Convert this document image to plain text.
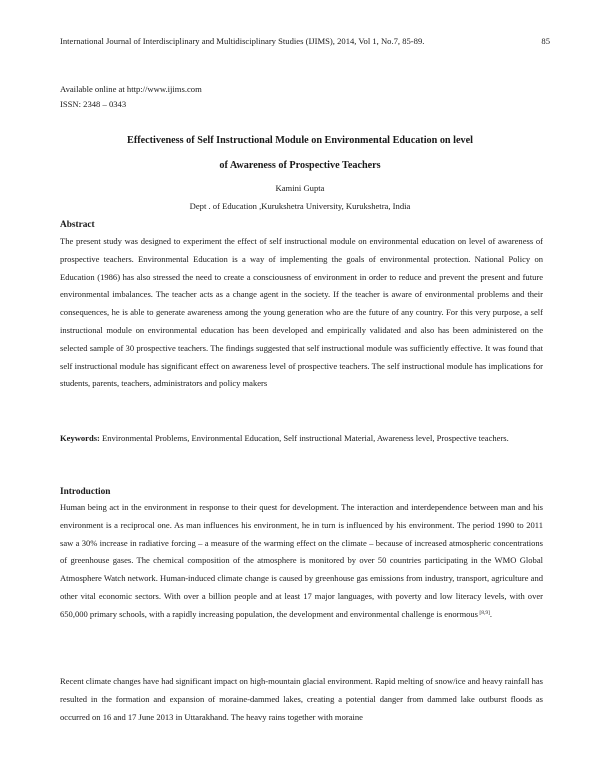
International Journal of Interdisciplinary and Multidisciplinary Studies (IJIMS), 2014, Vol 1, No.7, 85-89.	85
Available online at http://www.ijims.com
ISSN: 2348 – 0343
Effectiveness of Self Instructional Module on Environmental Education on level
of Awareness of Prospective Teachers
Kamini Gupta
Dept . of Education ,Kurukshetra University, Kurukshetra, India
Abstract
The present study was designed to experiment the effect of self instructional module on environmental education on level of awareness of prospective teachers. Environmental Education is a way of implementing the goals of environmental protection. National Policy on Education (1986) has also stressed the need to create a consciousness of environment in order to reduce and prevent the present and future environmental imbalances. The teacher acts as a change agent in the society. If the teacher is aware of environmental problems and their consequences, he is able to generate awareness among the young generation who are the future of any country. For this very purpose, a self instructional module on environmental education has been developed and empirically validated and also has been administered on the selected sample of 30 prospective teachers. The findings suggested that self instructional module was sufficiently effective. It was found that self instructional module has significant effect on awareness level of prospective teachers. The self instructional module has implications for students, parents, teachers, administrators and policy makers
Keywords: Environmental Problems, Environmental Education, Self instructional Material, Awareness level, Prospective teachers.
Introduction
Human being act in the environment in response to their quest for development. The interaction and interdependence between man and his environment is a reciprocal one. As man influences his environment, he in turn is influenced by his environment. The period 1990 to 2011 saw a 30% increase in radiative forcing – a measure of the warming effect on the climate – because of increased atmospheric concentrations of greenhouse gases. The chemical composition of the atmosphere is monitored by over 50 countries participating in the WMO Global Atmosphere Watch network. Human-induced climate change is caused by greenhouse gas emissions from industry, transport, agriculture and other vital economic sectors. With over a billion people and at least 17 major languages, with poverty and low literacy levels, with over 650,000 primary schools, with a rapidly increasing population, the development and environmental challenge is enormous [8,9].
Recent climate changes have had significant impact on high-mountain glacial environment. Rapid melting of snow/ice and heavy rainfall has resulted in the formation and expansion of moraine-dammed lakes, creating a potential danger from dammed lake outburst floods as occurred on 16 and 17 June 2013 in Uttarakhand. The heavy rains together with moraine
